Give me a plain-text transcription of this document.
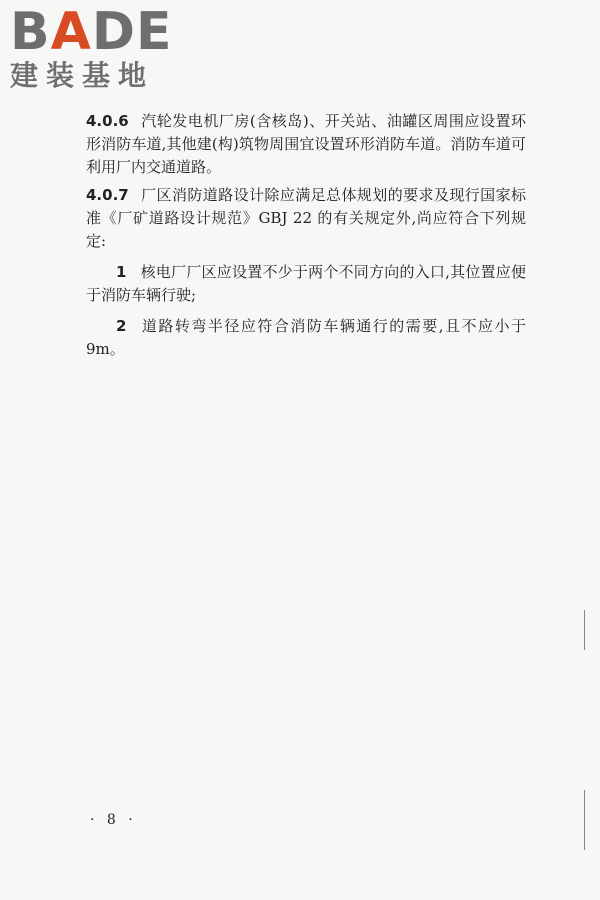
BADE
建装基地

4.0.6 汽轮发电机厂房(含核岛)、开关站、油罐区周围应设置环形消防车道,其他建(构)筑物周围宜设置环形消防车道。消防车道可利用厂内交通道路。

4.0.7 厂区消防道路设计除应满足总体规划的要求及现行国家标准《厂矿道路设计规范》GBJ 22 的有关规定外,尚应符合下列规定:

1 核电厂厂区应设置不少于两个不同方向的入口,其位置应便于消防车辆行驶;

2 道路转弯半径应符合消防车辆通行的需要,且不应小于9m。

· 8 ·
